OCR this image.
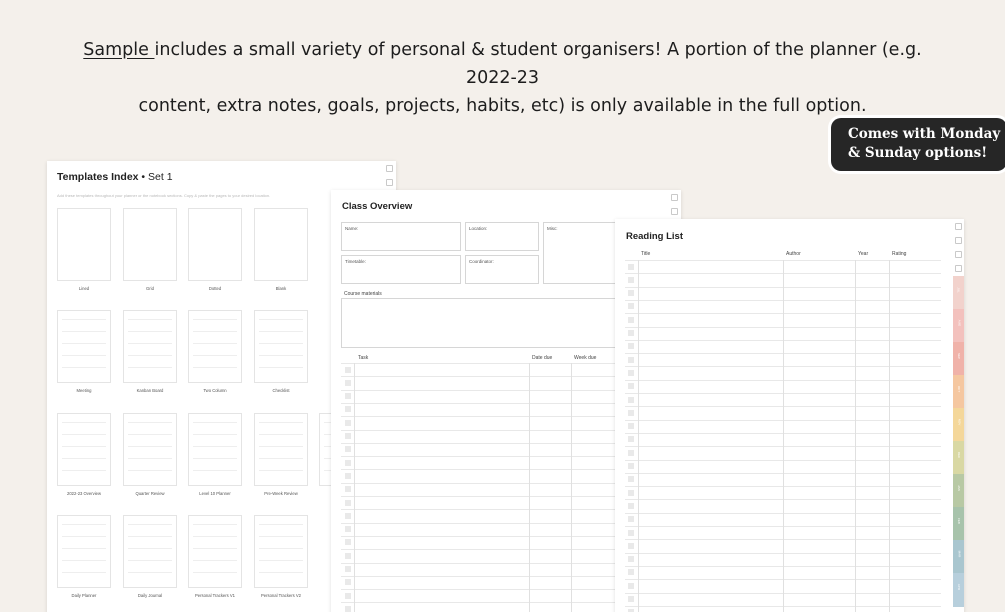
Sample includes a small variety of personal & student organisers! A portion of the planner (e.g. 2022-23
content, extra notes, goals, projects, habits, etc) is only available in the full option.
Templates Index • Set 1
Add these templates throughout your planner or the notebook sections. Copy & paste the pages to your desired location.
Lined	Grid	Dotted	Blank
Meeting	Kanban Board	Two Column	Checklist
2022-23 Overview	Quarter Review	Level 10 Planner	Pre-Week Review
Daily Planner	Daily Journal	Personal Trackers V1	Personal Trackers V2
Class Overview
Name:	Location:	Misc:
Timetable:	Coordinator:
Course materials
Task	Date due	Week due
Reading List
Title	Author	Year	Rating
JUL
AUG
SEP
OCT
NOV
DEC
JAN
FEB
MAR
APR
Comes with Monday
& Sunday options!
